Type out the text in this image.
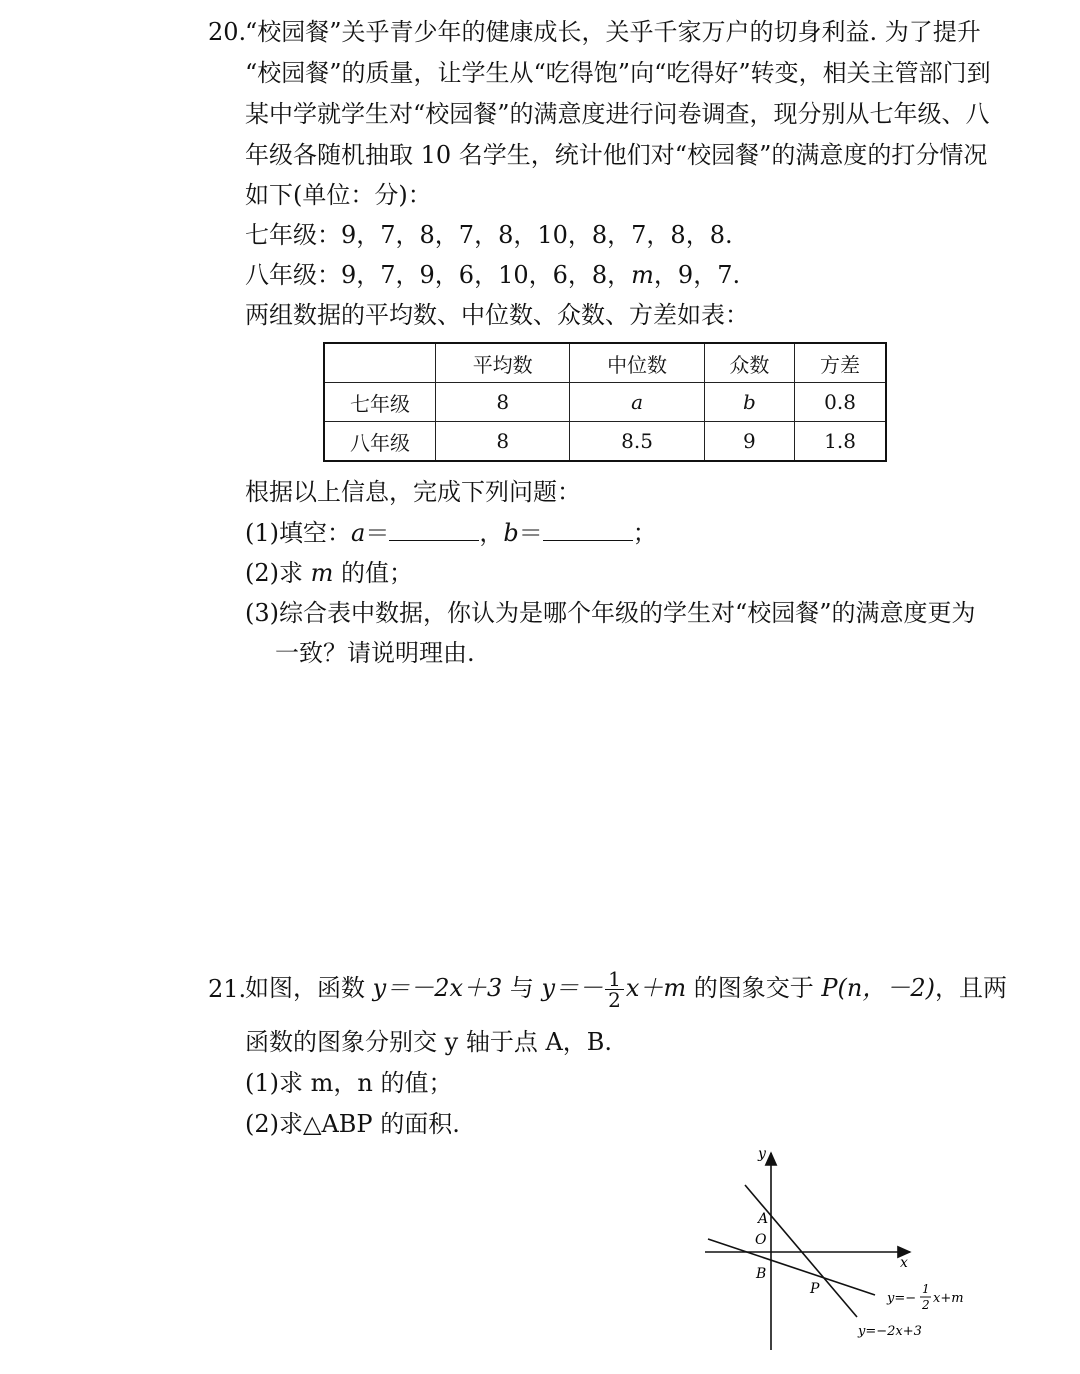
20.
“校园餐”关乎青少年的健康成长，关乎千家万户的切身利益. 为了提升
“校园餐”的质量，让学生从“吃得饱”向“吃得好”转变，相关主管部门到
某中学就学生对“校园餐”的满意度进行问卷调查，现分别从七年级、八
年级各随机抽取 10 名学生，统计他们对“校园餐”的满意度的打分情况
如下(单位：分)：
七年级：9，7，8，7，8，10，8，7，8，8.
八年级：9，7，9，6，10，6，8，m，9，7.
两组数据的平均数、中位数、众数、方差如表：
	平均数	中位数	众数	方差
七年级	8	a	b	0.8
八年级	8	8.5	9	1.8
根据以上信息，完成下列问题：
(1)填空：a＝	，b＝	；
(2)求 m 的值；
(3)综合表中数据，你认为是哪个年级的学生对“校园餐”的满意度更为
一致？请说明理由.
21.
如图，函数 y＝－2x＋3 与 $y=- \frac{1}{2} x+m$ 的图象交于 P(n，－2)，且两
函数的图象分别交 y 轴于点 A，B.
(1)求 m，n 的值；
(2)求△ABP 的面积.
y
x
O
A
B
P
y=−
1
2 x+m
y=−2x+3
